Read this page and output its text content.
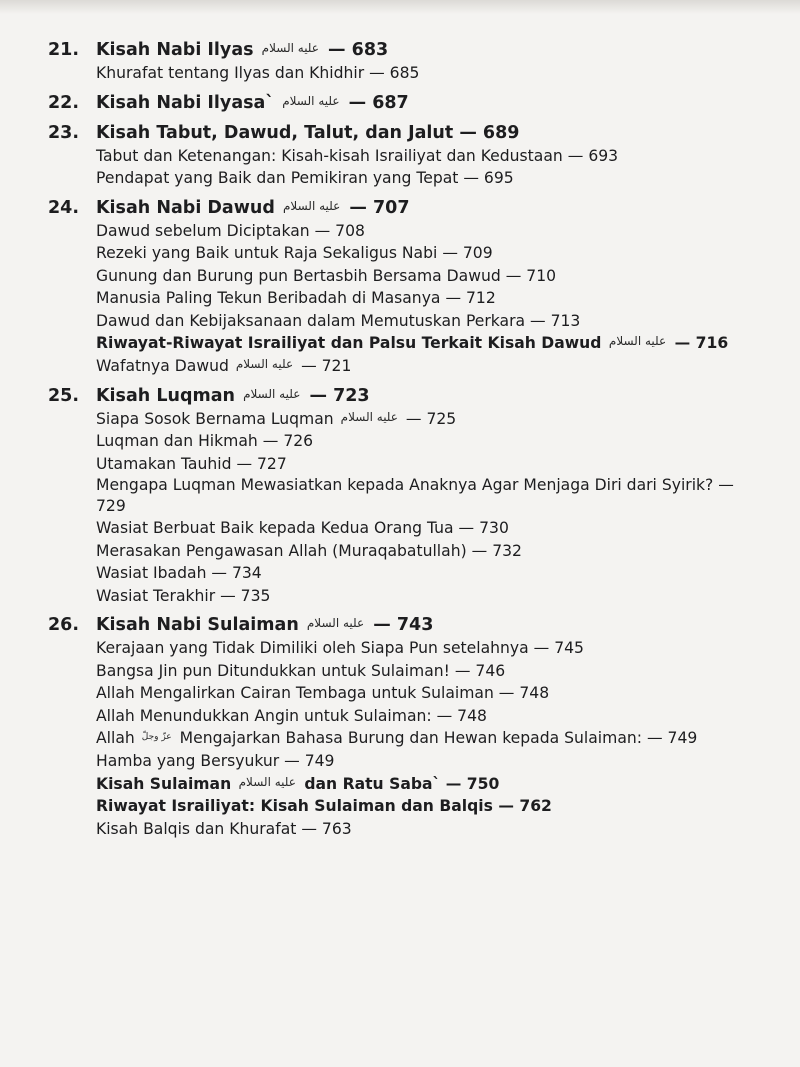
21. Kisah Nabi Ilyas عليه السلام — 683
Khurafat tentang Ilyas dan Khidhir — 685
22. Kisah Nabi Ilyasa` عليه السلام — 687
23. Kisah Tabut, Dawud, Talut, dan Jalut — 689
Tabut dan Ketenangan: Kisah-kisah Israiliyat dan Kedustaan — 693
Pendapat yang Baik dan Pemikiran yang Tepat — 695
24. Kisah Nabi Dawud عليه السلام — 707
Dawud sebelum Diciptakan — 708
Rezeki yang Baik untuk Raja Sekaligus Nabi — 709
Gunung dan Burung pun Bertasbih Bersama Dawud — 710
Manusia Paling Tekun Beribadah di Masanya — 712
Dawud dan Kebijaksanaan dalam Memutuskan Perkara — 713
Riwayat-Riwayat Israiliyat dan Palsu Terkait Kisah Dawud عليه السلام — 716
Wafatnya Dawud عليه السلام — 721
25. Kisah Luqman عليه السلام — 723
Siapa Sosok Bernama Luqman عليه السلام — 725
Luqman dan Hikmah — 726
Utamakan Tauhid — 727
Mengapa Luqman Mewasiatkan kepada Anaknya Agar Menjaga Diri dari Syirik? — 729
Wasiat Berbuat Baik kepada Kedua Orang Tua — 730
Merasakan Pengawasan Allah (Muraqabatullah) — 732
Wasiat Ibadah — 734
Wasiat Terakhir — 735
26. Kisah Nabi Sulaiman عليه السلام — 743
Kerajaan yang Tidak Dimiliki oleh Siapa Pun setelahnya — 745
Bangsa Jin pun Ditundukkan untuk Sulaiman! — 746
Allah Mengalirkan Cairan Tembaga untuk Sulaiman — 748
Allah Menundukkan Angin untuk Sulaiman: — 748
Allah عزّ وجلّ Mengajarkan Bahasa Burung dan Hewan kepada Sulaiman: — 749
Hamba yang Bersyukur — 749
Kisah Sulaiman عليه السلام dan Ratu Saba` — 750
Riwayat Israiliyat: Kisah Sulaiman dan Balqis — 762
Kisah Balqis dan Khurafat — 763
